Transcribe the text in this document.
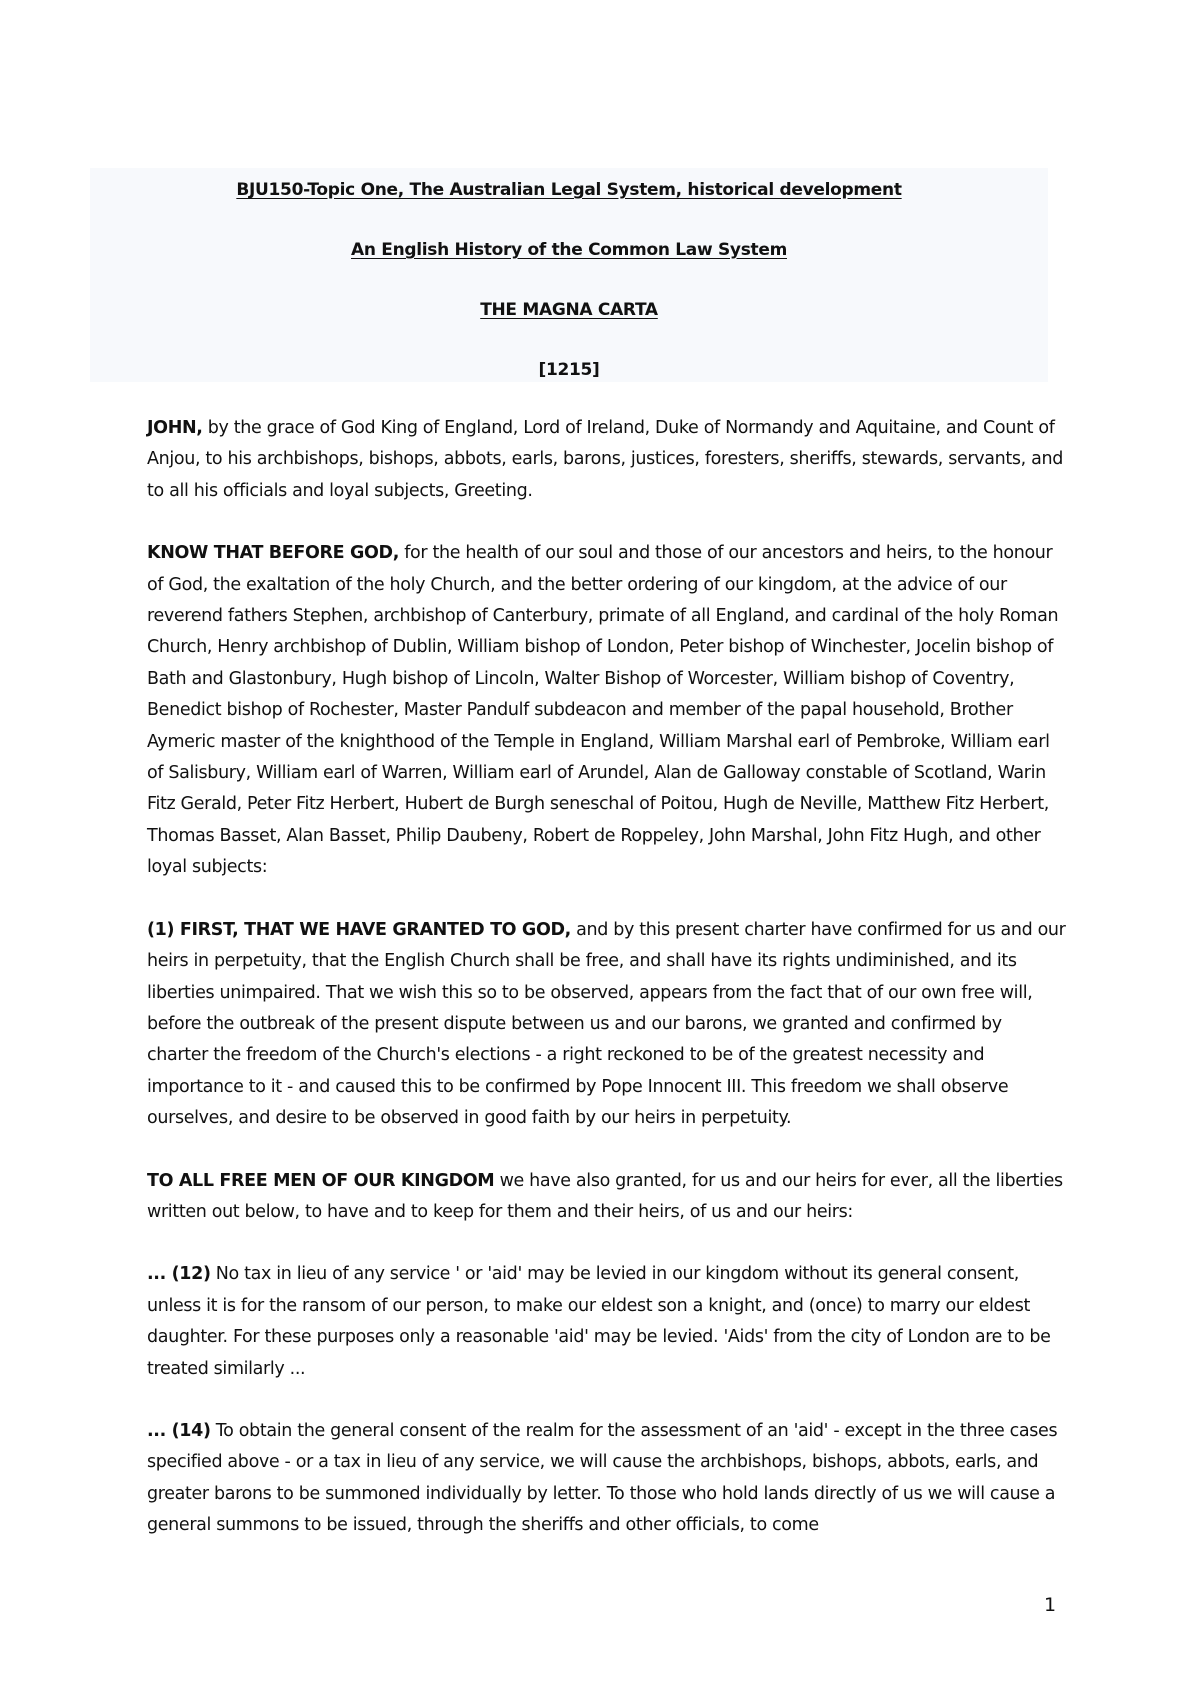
BJU150-Topic One, The Australian Legal System, historical development
An English History of the Common Law System
THE MAGNA CARTA
[1215]

JOHN, by the grace of God King of England, Lord of Ireland, Duke of Normandy and Aquitaine, and Count of Anjou, to his archbishops, bishops, abbots, earls, barons, justices, foresters, sheriffs, stewards, servants, and to all his officials and loyal subjects, Greeting.

KNOW THAT BEFORE GOD, for the health of our soul and those of our ancestors and heirs, to the honour of God, the exaltation of the holy Church, and the better ordering of our kingdom, at the advice of our reverend fathers Stephen, archbishop of Canterbury, primate of all England, and cardinal of the holy Roman Church, Henry archbishop of Dublin, William bishop of London, Peter bishop of Winchester, Jocelin bishop of Bath and Glastonbury, Hugh bishop of Lincoln, Walter Bishop of Worcester, William bishop of Coventry, Benedict bishop of Rochester, Master Pandulf subdeacon and member of the papal household, Brother Aymeric master of the knighthood of the Temple in England, William Marshal earl of Pembroke, William earl of Salisbury, William earl of Warren, William earl of Arundel, Alan de Galloway constable of Scotland, Warin Fitz Gerald, Peter Fitz Herbert, Hubert de Burgh seneschal of Poitou, Hugh de Neville, Matthew Fitz Herbert, Thomas Basset, Alan Basset, Philip Daubeny, Robert de Roppeley, John Marshal, John Fitz Hugh, and other loyal subjects:

(1) FIRST, THAT WE HAVE GRANTED TO GOD, and by this present charter have confirmed for us and our heirs in perpetuity, that the English Church shall be free, and shall have its rights undiminished, and its liberties unimpaired. That we wish this so to be observed, appears from the fact that of our own free will, before the outbreak of the present dispute between us and our barons, we granted and confirmed by charter the freedom of the Church's elections - a right reckoned to be of the greatest necessity and importance to it - and caused this to be confirmed by Pope Innocent III. This freedom we shall observe ourselves, and desire to be observed in good faith by our heirs in perpetuity.

TO ALL FREE MEN OF OUR KINGDOM we have also granted, for us and our heirs for ever, all the liberties written out below, to have and to keep for them and their heirs, of us and our heirs:

... (12) No tax in lieu of any service ' or 'aid' may be levied in our kingdom without its general consent, unless it is for the ransom of our person, to make our eldest son a knight, and (once) to marry our eldest daughter. For these purposes only a reasonable 'aid' may be levied. 'Aids' from the city of London are to be treated similarly ...

... (14) To obtain the general consent of the realm for the assessment of an 'aid' - except in the three cases specified above - or a tax in lieu of any service, we will cause the archbishops, bishops, abbots, earls, and greater barons to be summoned individually by letter. To those who hold lands directly of us we will cause a general summons to be issued, through the sheriffs and other officials, to come

1
